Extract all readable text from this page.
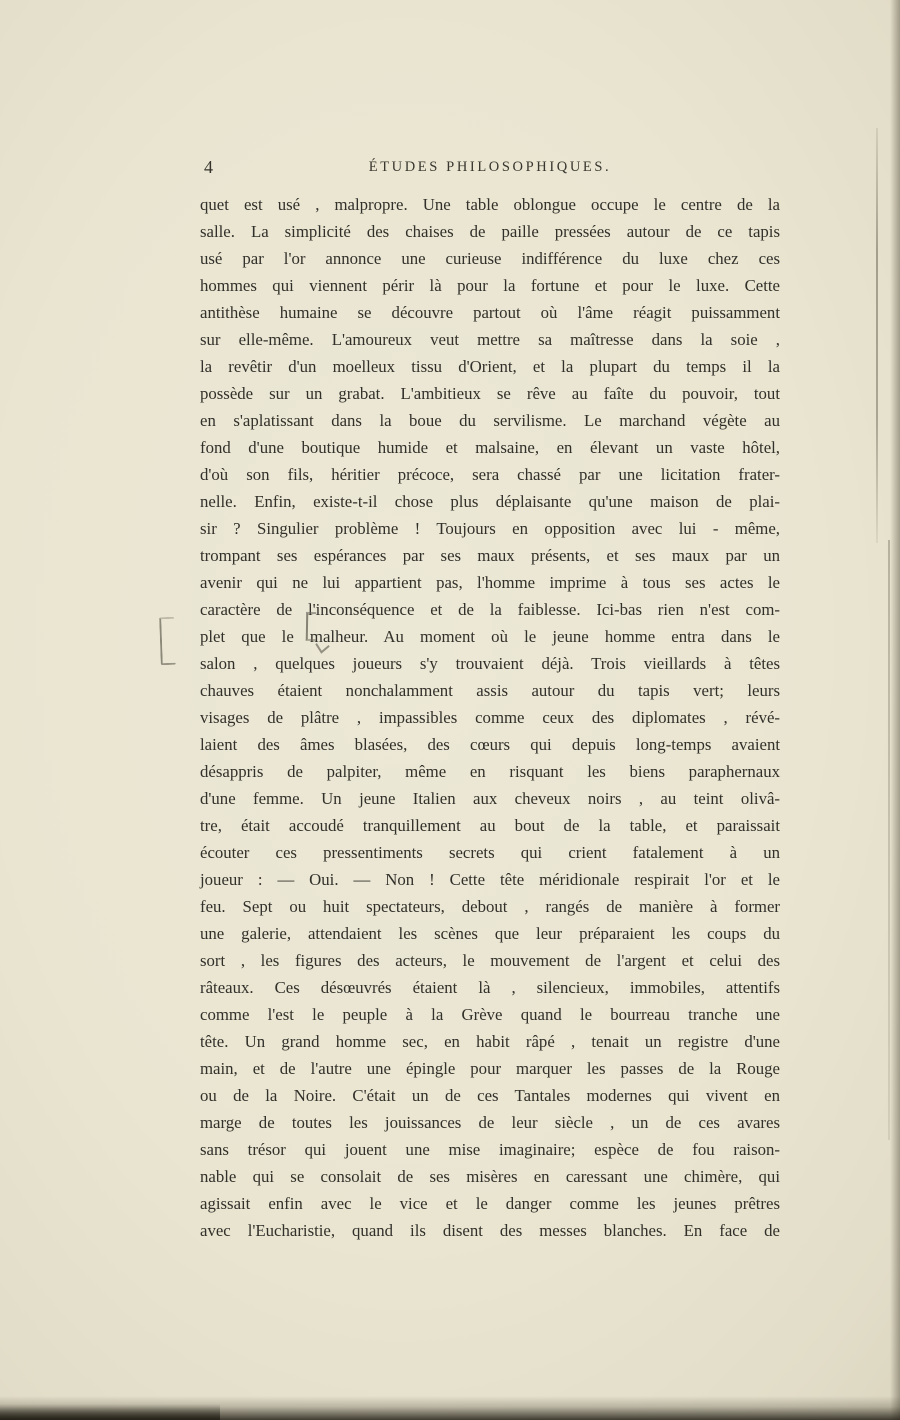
4	ÉTUDES PHILOSOPHIQUES.
quet est usé , malpropre. Une table oblongue occupe le centre de la
salle. La simplicité des chaises de paille pressées autour de ce tapis
usé par l'or annonce une curieuse indifférence du luxe chez ces
hommes qui viennent périr là pour la fortune et pour le luxe. Cette
antithèse humaine se découvre partout où l'âme réagit puissamment
sur elle-même. L'amoureux veut mettre sa maîtresse dans la soie ,
la revêtir d'un moelleux tissu d'Orient, et la plupart du temps il la
possède sur un grabat. L'ambitieux se rêve au faîte du pouvoir, tout
en s'aplatissant dans la boue du servilisme. Le marchand végète au
fond d'une boutique humide et malsaine, en élevant un vaste hôtel,
d'où son fils, héritier précoce, sera chassé par une licitation frater-
nelle. Enfin, existe-t-il chose plus déplaisante qu'une maison de plai-
sir ? Singulier problème ! Toujours en opposition avec lui - même,
trompant ses espérances par ses maux présents, et ses maux par un
avenir qui ne lui appartient pas, l'homme imprime à tous ses actes le
caractère de l'inconséquence et de la faiblesse. Ici-bas rien n'est com-
plet que le malheur. Au moment où le jeune homme entra dans le
salon , quelques joueurs s'y trouvaient déjà. Trois vieillards à têtes
chauves étaient nonchalamment assis autour du tapis vert; leurs
visages de plâtre , impassibles comme ceux des diplomates , révé-
laient des âmes blasées, des cœurs qui depuis long-temps avaient
désappris de palpiter, même en risquant les biens paraphernaux
d'une femme. Un jeune Italien aux cheveux noirs , au teint olivâ-
tre, était accoudé tranquillement au bout de la table, et paraissait
écouter ces pressentiments secrets qui crient fatalement à un
joueur : — Oui. — Non ! Cette tête méridionale respirait l'or et le
feu. Sept ou huit spectateurs, debout , rangés de manière à former
une galerie, attendaient les scènes que leur préparaient les coups du
sort , les figures des acteurs, le mouvement de l'argent et celui des
râteaux. Ces désœuvrés étaient là , silencieux, immobiles, attentifs
comme l'est le peuple à la Grève quand le bourreau tranche une
tête. Un grand homme sec, en habit râpé , tenait un registre d'une
main, et de l'autre une épingle pour marquer les passes de la Rouge
ou de la Noire. C'était un de ces Tantales modernes qui vivent en
marge de toutes les jouissances de leur siècle , un de ces avares
sans trésor qui jouent une mise imaginaire; espèce de fou raison-
nable qui se consolait de ses misères en caressant une chimère, qui
agissait enfin avec le vice et le danger comme les jeunes prêtres
avec l'Eucharistie, quand ils disent des messes blanches. En face de
